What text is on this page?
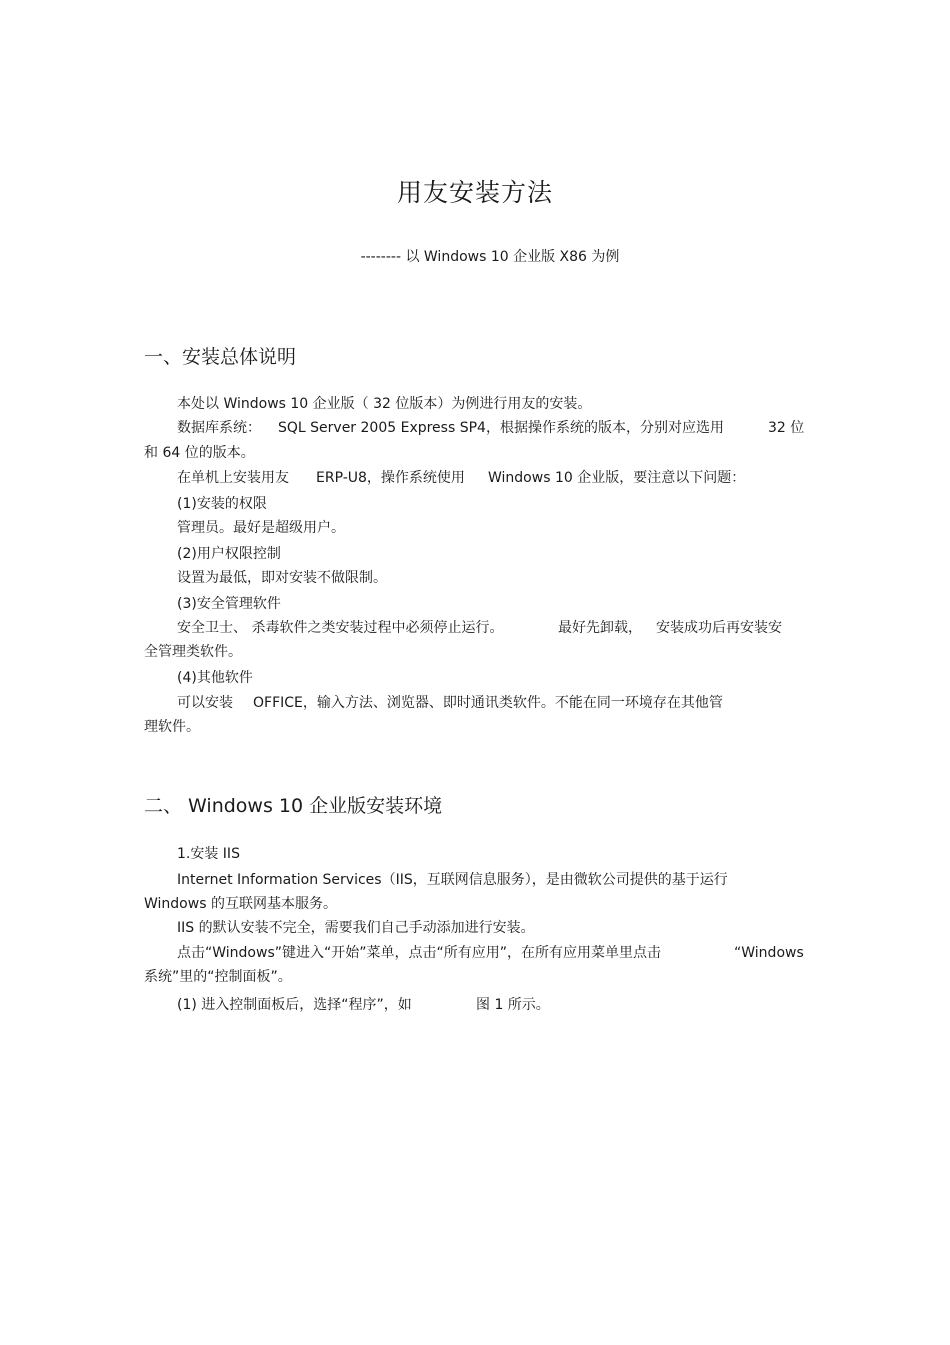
用友安装方法
-------- 以 Windows 10 企业版 X86 为例
一、安装总体说明
本处以 Windows 10 企业版（ 32 位版本）为例进行用友的安装。
数据库系统： SQL Server 2005 Express SP4，根据操作系统的版本，分别对应选用	32 位
和 64 位的版本。
在单机上安装用友 ERP-U8，操作系统使用 Windows 10 企业版，要注意以下问题：
(1)安装的权限
管理员。最好是超级用户。
(2)用户权限控制
设置为最低，即对安装不做限制。
(3)安全管理软件
安全卫士、 杀毒软件之类安装过程中必须停止运行。	最好先卸载， 安装成功后再安装安
全管理类软件。
(4)其他软件
可以安装 OFFICE，输入方法、浏览器、即时通讯类软件。不能在同一环境存在其他管
理软件。
二、 Windows 10 企业版安装环境
1.安装 IIS
Internet Information Services（IIS，互联网信息服务），是由微软公司提供的基于运行
Windows 的互联网基本服务。
IIS 的默认安装不完全，需要我们自己手动添加进行安装。
点击“Windows”键进入“开始”菜单，点击“所有应用”，在所有应用菜单里点击	“Windows
系统”里的“控制面板”。
(1) 进入控制面板后，选择“程序”，如	图 1 所示。
